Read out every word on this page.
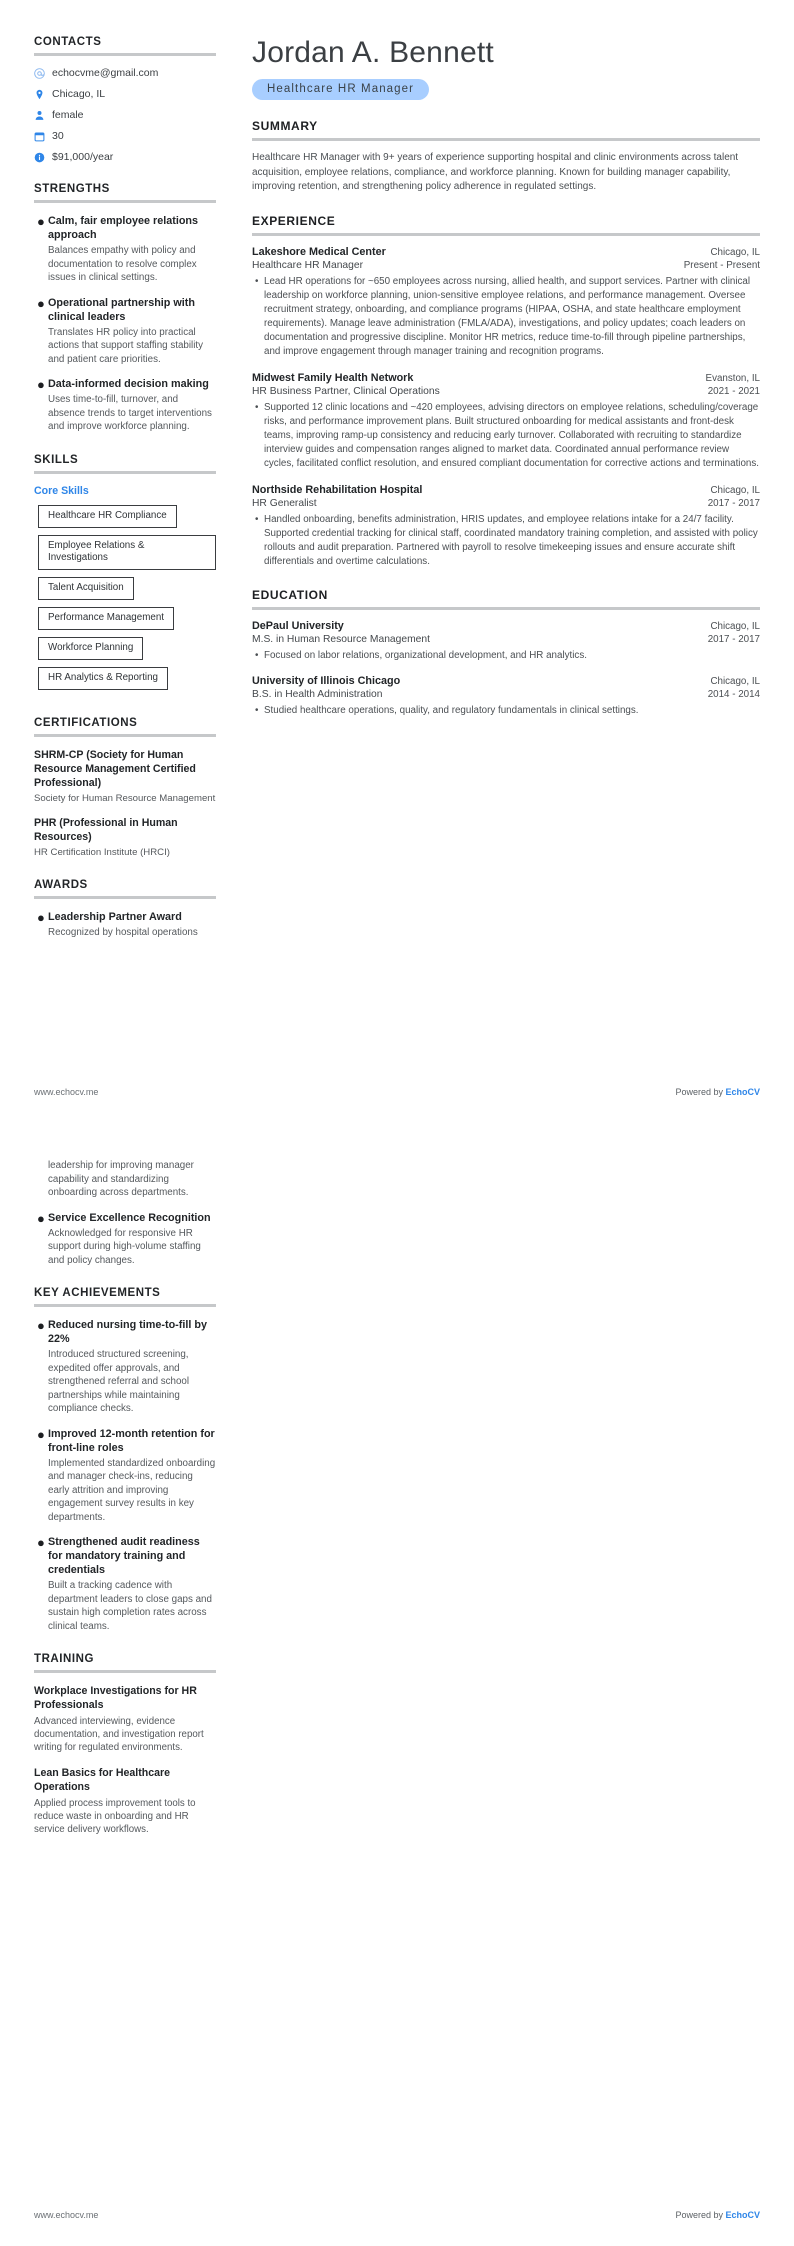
CONTACTS
echocvme@gmail.com
Chicago, IL
female
30
$91,000/year
STRENGTHS
● Calm, fair employee relations approach
Balances empathy with policy and documentation to resolve complex issues in clinical settings.
● Operational partnership with clinical leaders
Translates HR policy into practical actions that support staffing stability and patient care priorities.
● Data-informed decision making
Uses time-to-fill, turnover, and absence trends to target interventions and improve workforce planning.
SKILLS
Core Skills
Healthcare HR Compliance
Employee Relations & Investigations
Talent Acquisition
Performance Management
Workforce Planning
HR Analytics & Reporting
CERTIFICATIONS
SHRM-CP (Society for Human Resource Management Certified Professional)
Society for Human Resource Management
PHR (Professional in Human Resources)
HR Certification Institute (HRCI)
AWARDS
● Leadership Partner Award
Recognized by hospital operations
Jordan A. Bennett
Healthcare HR Manager
SUMMARY
Healthcare HR Manager with 9+ years of experience supporting hospital and clinic environments across talent acquisition, employee relations, compliance, and workforce planning. Known for building manager capability, improving retention, and strengthening policy adherence in regulated settings.
EXPERIENCE
Lakeshore Medical Center	Chicago, IL
Healthcare HR Manager	Present - Present
• Lead HR operations for ~650 employees across nursing, allied health, and support services. Partner with clinical leadership on workforce planning, union-sensitive employee relations, and performance management. Oversee recruitment strategy, onboarding, and compliance programs (HIPAA, OSHA, and state healthcare employment requirements). Manage leave administration (FMLA/ADA), investigations, and policy updates; coach leaders on documentation and progressive discipline. Monitor HR metrics, reduce time-to-fill through pipeline partnerships, and improve engagement through manager training and recognition programs.
Midwest Family Health Network	Evanston, IL
HR Business Partner, Clinical Operations	2021 - 2021
• Supported 12 clinic locations and ~420 employees, advising directors on employee relations, scheduling/coverage risks, and performance improvement plans. Built structured onboarding for medical assistants and front-desk teams, improving ramp-up consistency and reducing early turnover. Collaborated with recruiting to standardize interview guides and compensation ranges aligned to market data. Coordinated annual performance review cycles, facilitated conflict resolution, and ensured compliant documentation for corrective actions and terminations.
Northside Rehabilitation Hospital	Chicago, IL
HR Generalist	2017 - 2017
• Handled onboarding, benefits administration, HRIS updates, and employee relations intake for a 24/7 facility. Supported credential tracking for clinical staff, coordinated mandatory training completion, and assisted with policy rollouts and audit preparation. Partnered with payroll to resolve timekeeping issues and ensure accurate shift differentials and overtime calculations.
EDUCATION
DePaul University	Chicago, IL
M.S. in Human Resource Management	2017 - 2017
• Focused on labor relations, organizational development, and HR analytics.
University of Illinois Chicago	Chicago, IL
B.S. in Health Administration	2014 - 2014
• Studied healthcare operations, quality, and regulatory fundamentals in clinical settings.
www.echocv.me	Powered by EchoCV
leadership for improving manager capability and standardizing onboarding across departments.
● Service Excellence Recognition
Acknowledged for responsive HR support during high-volume staffing and policy changes.
KEY ACHIEVEMENTS
● Reduced nursing time-to-fill by 22%
Introduced structured screening, expedited offer approvals, and strengthened referral and school partnerships while maintaining compliance checks.
● Improved 12-month retention for front-line roles
Implemented standardized onboarding and manager check-ins, reducing early attrition and improving engagement survey results in key departments.
● Strengthened audit readiness for mandatory training and credentials
Built a tracking cadence with department leaders to close gaps and sustain high completion rates across clinical teams.
TRAINING
Workplace Investigations for HR Professionals
Advanced interviewing, evidence documentation, and investigation report writing for regulated environments.
Lean Basics for Healthcare Operations
Applied process improvement tools to reduce waste in onboarding and HR service delivery workflows.
www.echocv.me	Powered by EchoCV
